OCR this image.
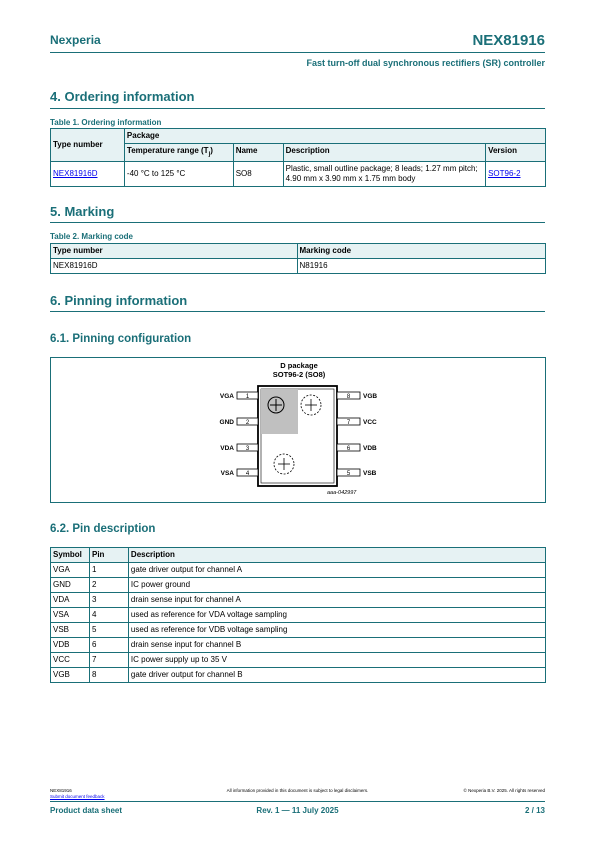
Nexperia	NEX81916
Fast turn-off dual synchronous rectifiers (SR) controller
4. Ordering information
Table 1. Ordering information
Type number	Package			
	Temperature range $(T_j)$	Name	Description	Version
NEX81916D	-40 °C to 125 °C	SO8	Plastic, small outline package; 8 leads; 1.27 mm pitch; 4.90 mm x 3.90 mm x 1.75 mm body	SOT96-2
5. Marking
Table 2. Marking code
Type number	Marking code
NEX81916D	N81916
6. Pinning information
6.1. Pinning configuration
D package
SOT96-2 (SO8)
VGA 1
GND 2
VDA 3
VSA 4
8 VGB
7 VCC
6 VDB
5 VSB
aaa-042997
6.2. Pin description
Symbol	Pin	Description
VGA	1	gate driver output for channel A
GND	2	IC power ground
VDA	3	drain sense input for channel A
VSA	4	used as reference for VDA voltage sampling
VSB	5	used as reference for VDB voltage sampling
VDB	6	drain sense input for channel B
VCC	7	IC power supply up to 35 V
VGB	8	gate driver output for channel B
NEX81916
Submit document feedback
All information provided in this document is subject to legal disclaimers.	© Nexperia B.V. 2025. All rights reserved
Product data sheet	Rev. 1 — 11 July 2025	2 / 13
